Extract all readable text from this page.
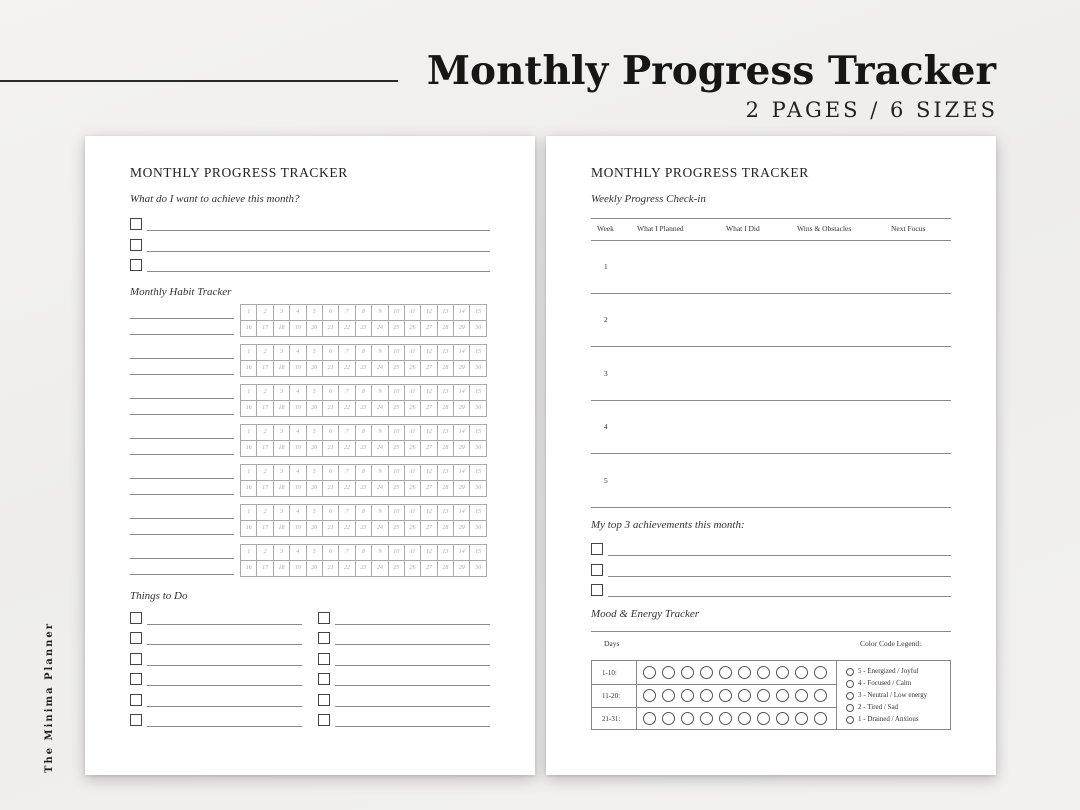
Monthly Progress Tracker
2 PAGES / 6 SIZES
The Minima Planner
MONTHLY PROGRESS TRACKER
What do I want to achieve this month?
Monthly Habit Tracker
Things to Do
1	2	3	4	5	6	7	8	9	10	11	12	13	14	15
16	17	18	19	20	21	22	23	24	25	26	27	28	29	30
1	2	3	4	5	6	7	8	9	10	11	12	13	14	15
16	17	18	19	20	21	22	23	24	25	26	27	28	29	30
1	2	3	4	5	6	7	8	9	10	11	12	13	14	15
16	17	18	19	20	21	22	23	24	25	26	27	28	29	30
1	2	3	4	5	6	7	8	9	10	11	12	13	14	15
16	17	18	19	20	21	22	23	24	25	26	27	28	29	30
1	2	3	4	5	6	7	8	9	10	11	12	13	14	15
16	17	18	19	20	21	22	23	24	25	26	27	28	29	30
1	2	3	4	5	6	7	8	9	10	11	12	13	14	15
16	17	18	19	20	21	22	23	24	25	26	27	28	29	30
1	2	3	4	5	6	7	8	9	10	11	12	13	14	15
16	17	18	19	20	21	22	23	24	25	26	27	28	29	30
MONTHLY PROGRESS TRACKER
Weekly Progress Check-in
Week	What I Planned	What I Did	Wins & Obstacles	Next Focus
My top 3 achievements this month:
Mood & Energy Tracker
Days	Color Code Legend:
1-10:
11-20:
21-31:
5 - Energized / Joyful
4 - Focused / Calm
3 - Neutral / Low energy
2 - Tired / Sad
1 - Drained / Anxious
1
2
3
4
5
